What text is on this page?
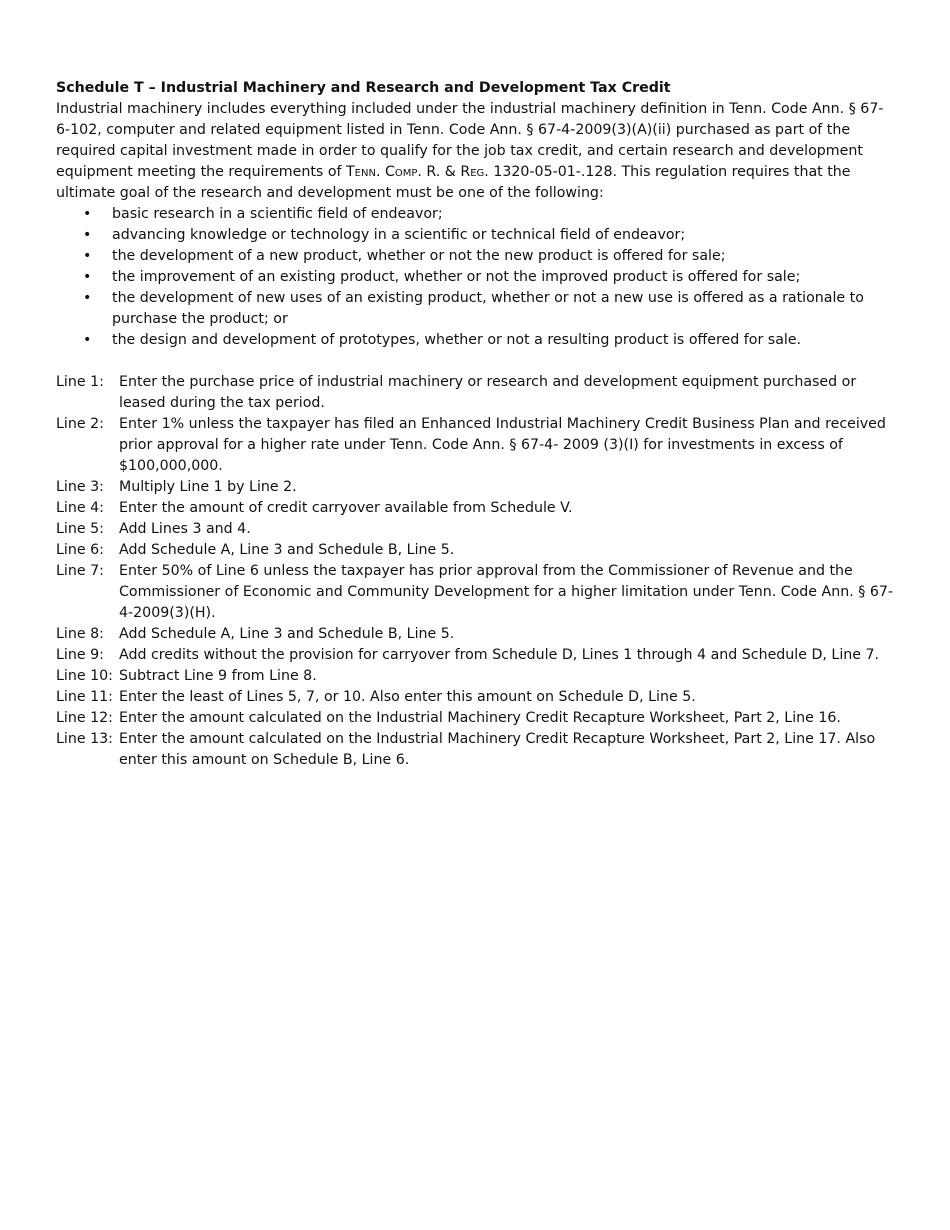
Schedule T – Industrial Machinery and Research and Development Tax Credit

Industrial machinery includes everything included under the industrial machinery definition in Tenn. Code Ann. § 67-6-102, computer and related equipment listed in Tenn. Code Ann. § 67-4-2009(3)(A)(ii) purchased as part of the required capital investment made in order to qualify for the job tax credit, and certain research and development equipment meeting the requirements of Tenn. Comp. R. & Reg. 1320-05-01-.128. This regulation requires that the ultimate goal of the research and development must be one of the following:

• basic research in a scientific field of endeavor;
• advancing knowledge or technology in a scientific or technical field of endeavor;
• the development of a new product, whether or not the new product is offered for sale;
• the improvement of an existing product, whether or not the improved product is offered for sale;
• the development of new uses of an existing product, whether or not a new use is offered as a rationale to purchase the product; or
• the design and development of prototypes, whether or not a resulting product is offered for sale.
Line 1:	Enter the purchase price of industrial machinery or research and development equipment purchased or leased during the tax period.
Line 2:	Enter 1% unless the taxpayer has filed an Enhanced Industrial Machinery Credit Business Plan and received prior approval for a higher rate under Tenn. Code Ann. § 67-4- 2009 (3)(I) for investments in excess of $100,000,000.
Line 3:	Multiply Line 1 by Line 2.
Line 4:	Enter the amount of credit carryover available from Schedule V.
Line 5:	Add Lines 3 and 4.
Line 6:	Add Schedule A, Line 3 and Schedule B, Line 5.
Line 7:	Enter 50% of Line 6 unless the taxpayer has prior approval from the Commissioner of Revenue and the Commissioner of Economic and Community Development for a higher limitation under Tenn. Code Ann. § 67-4-2009(3)(H).
Line 8:	Add Schedule A, Line 3 and Schedule B, Line 5.
Line 9:	Add credits without the provision for carryover from Schedule D, Lines 1 through 4 and Schedule D, Line 7.
Line 10: Subtract Line 9 from Line 8.
Line 11: Enter the least of Lines 5, 7, or 10. Also enter this amount on Schedule D, Line 5.
Line 12: Enter the amount calculated on the Industrial Machinery Credit Recapture Worksheet, Part 2, Line 16.
Line 13: Enter the amount calculated on the Industrial Machinery Credit Recapture Worksheet, Part 2, Line 17. Also enter this amount on Schedule B, Line 6.
